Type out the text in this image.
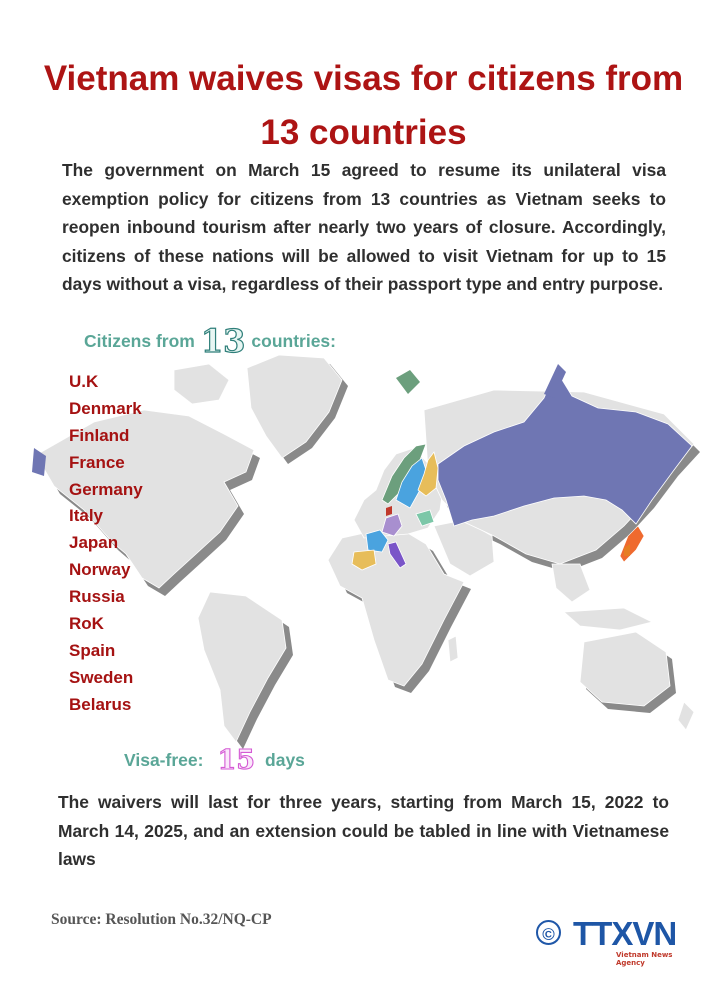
Vietnam waives visas for citizens from 13 countries
The government on March 15 agreed to resume its unilateral visa exemption policy for citizens from 13 countries as Vietnam seeks to reopen inbound tourism after nearly two years of closure. Accordingly, citizens of these nations will be allowed to visit Vietnam for up to 15 days without a visa, regardless of their passport type and entry purpose.
Citizens from 13 countries:
U.K
Denmark
Finland
France
Germany
Italy
Japan
Norway
Russia
RoK
Spain
Sweden
Belarus
Visa-free: 15 days
The waivers will last for three years, starting from March 15, 2022 to March 14, 2025, and an extension could be tabled in line with Vietnamese laws
Source: Resolution No.32/NQ-CP
© TTXVN
Vietnam News Agency
